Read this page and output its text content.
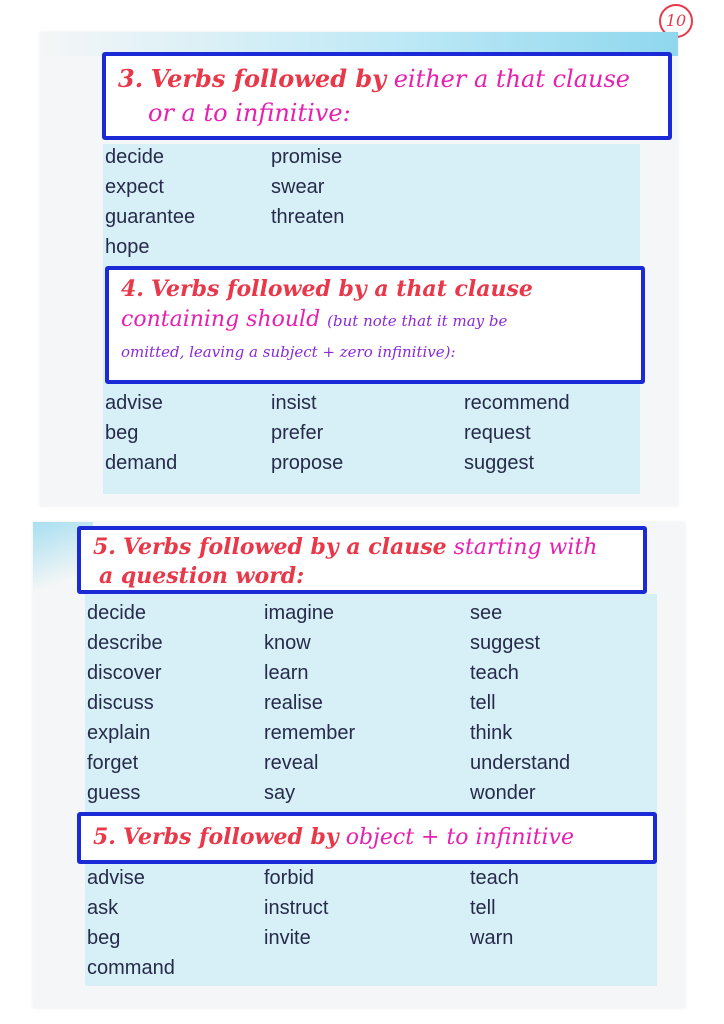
10
3. Verbs followed by either a that clause
or a to infinitive:
decide
expect
guarantee
hope
promise
swear
threaten
4. Verbs followed by a that clause
containing should (but note that it may be
omitted, leaving a subject + zero infinitive):
advise
beg
demand
insist
prefer
propose
recommend
request
suggest
5. Verbs followed by a clause starting with
a question word:
decide
describe
discover
discuss
explain
forget
guess
imagine
know
learn
realise
remember
reveal
say
see
suggest
teach
tell
think
understand
wonder
5. Verbs followed by object + to infinitive
advise
ask
beg
command
forbid
instruct
invite
teach
tell
warn
